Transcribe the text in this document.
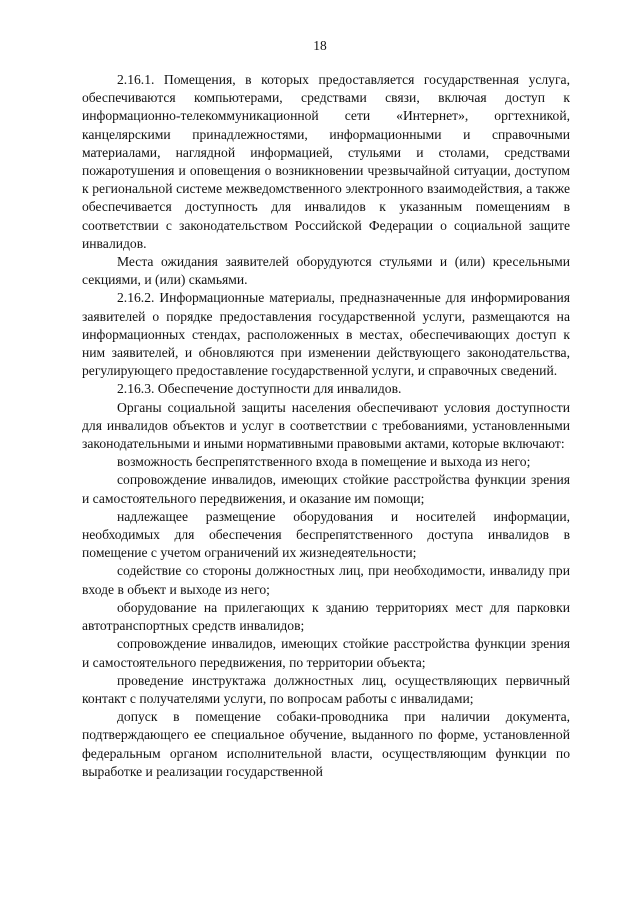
18

2.16.1. Помещения, в которых предоставляется государственная услуга, обеспечиваются компьютерами, средствами связи, включая доступ к информационно-телекоммуникационной сети «Интернет», оргтехникой, канцелярскими принадлежностями, информационными и справочными материалами, наглядной информацией, стульями и столами, средствами пожаротушения и оповещения о возникновении чрезвычайной ситуации, доступом к региональной системе межведомственного электронного взаимодействия, а также обеспечивается доступность для инвалидов к указанным помещениям в соответствии с законодательством Российской Федерации о социальной защите инвалидов.

Места ожидания заявителей оборудуются стульями и (или) кресельными секциями, и (или) скамьями.

2.16.2. Информационные материалы, предназначенные для информирования заявителей о порядке предоставления государственной услуги, размещаются на информационных стендах, расположенных в местах, обеспечивающих доступ к ним заявителей, и обновляются при изменении действующего законодательства, регулирующего предоставление государственной услуги, и справочных сведений.

2.16.3. Обеспечение доступности для инвалидов.

Органы социальной защиты населения обеспечивают условия доступности для инвалидов объектов и услуг в соответствии с требованиями, установленными законодательными и иными нормативными правовыми актами, которые включают:

возможность беспрепятственного входа в помещение и выхода из него;

сопровождение инвалидов, имеющих стойкие расстройства функции зрения и самостоятельного передвижения, и оказание им помощи;

надлежащее размещение оборудования и носителей информации, необходимых для обеспечения беспрепятственного доступа инвалидов в помещение с учетом ограничений их жизнедеятельности;

содействие со стороны должностных лиц, при необходимости, инвалиду при входе в объект и выходе из него;

оборудование на прилегающих к зданию территориях мест для парковки автотранспортных средств инвалидов;

сопровождение инвалидов, имеющих стойкие расстройства функции зрения и самостоятельного передвижения, по территории объекта;

проведение инструктажа должностных лиц, осуществляющих первичный контакт с получателями услуги, по вопросам работы с инвалидами;

допуск в помещение собаки-проводника при наличии документа, подтверждающего ее специальное обучение, выданного по форме, установленной федеральным органом исполнительной власти, осуществляющим функции по выработке и реализации государственной
